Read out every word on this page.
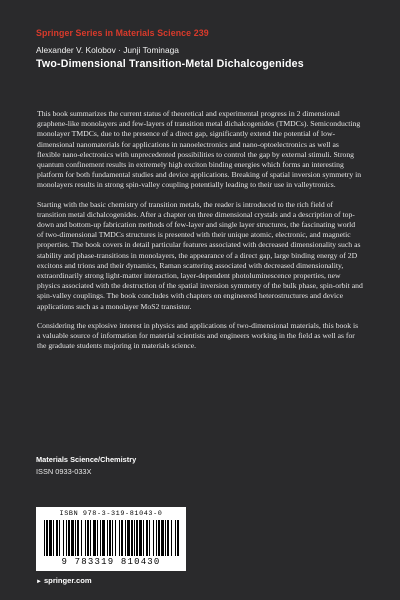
Springer Series in Materials Science 239
Alexander V. Kolobov · Junji Tominaga
Two-Dimensional Transition-Metal Dichalcogenides

This book summarizes the current status of theoretical and experimental progress in 2 dimensional graphene-like monolayers and few-layers of transition metal dichalcogenides (TMDCs). Semiconducting monolayer TMDCs, due to the presence of a direct gap, significantly extend the potential of low-dimensional nanomaterials for applications in nanoelectronics and nano-optoelectronics as well as flexible nano-electronics with unprecedented possibilities to control the gap by external stimuli. Strong quantum confinement results in extremely high exciton binding energies which forms an interesting platform for both fundamental studies and device applications. Breaking of spatial inversion symmetry in monolayers results in strong spin-valley coupling potentially leading to their use in valleytronics.

Starting with the basic chemistry of transition metals, the reader is introduced to the rich field of transition metal dichalcogenides. After a chapter on three dimensional crystals and a description of top-down and bottom-up fabrication methods of few-layer and single layer structures, the fascinating world of two-dimensional TMDCs structures is presented with their unique atomic, electronic, and magnetic properties. The book covers in detail particular features associated with decreased dimensionality such as stability and phase-transitions in monolayers, the appearance of a direct gap, large binding energy of 2D excitons and trions and their dynamics, Raman scattering associated with decreased dimensionality, extraordinarily strong light-matter interaction, layer-dependent photoluminescence properties, new physics associated with the destruction of the spatial inversion symmetry of the bulk phase, spin-orbit and spin-valley couplings. The book concludes with chapters on engineered heterostructures and device applications such as a monolayer MoS2 transistor.

Considering the explosive interest in physics and applications of two-dimensional materials, this book is a valuable source of information for material scientists and engineers working in the field as well as for the graduate students majoring in materials science.

Materials Science/Chemistry
ISSN 0933-033X
ISBN 978-3-319-81043-0
9 783319 810430
► springer.com
